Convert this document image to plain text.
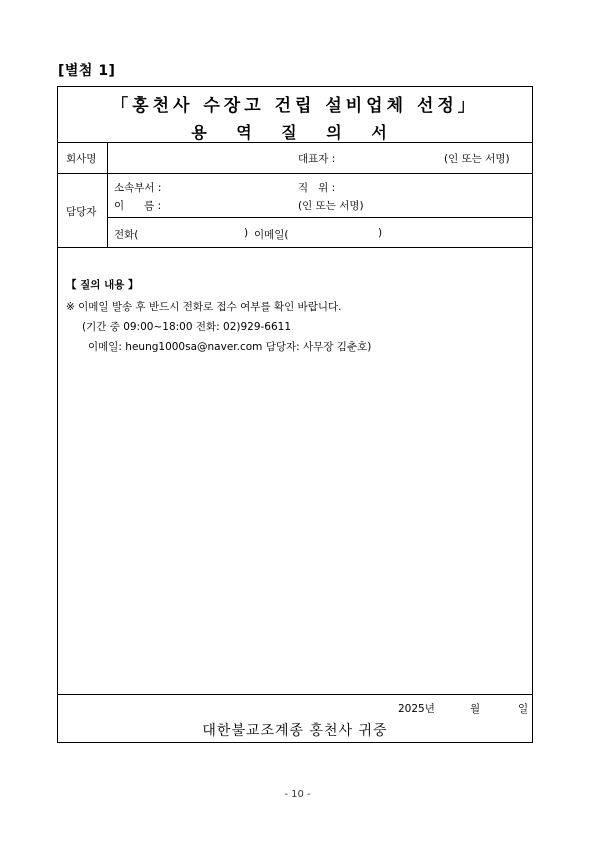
[별첨 1]
「홍천사 수장고 건립 설비업체 선정」
용 역 질 의 서
회사명	대표자 :	(인 또는 서명)
담당자
소속부서 :	직   위 :
이      름 :	(인 또는 서명)
전화(	) 이메일(	)
【 질의 내용 】
※ 이메일 발송 후 반드시 전화로 접수 여부를 확인 바랍니다.
(기간 중 09:00~18:00 전화: 02)929-6611
이메일: heung1000sa@naver.com 담당자: 사무장 김춘호)
2025년	월	일
대한불교조계종 홍천사 귀중
- 10 -
